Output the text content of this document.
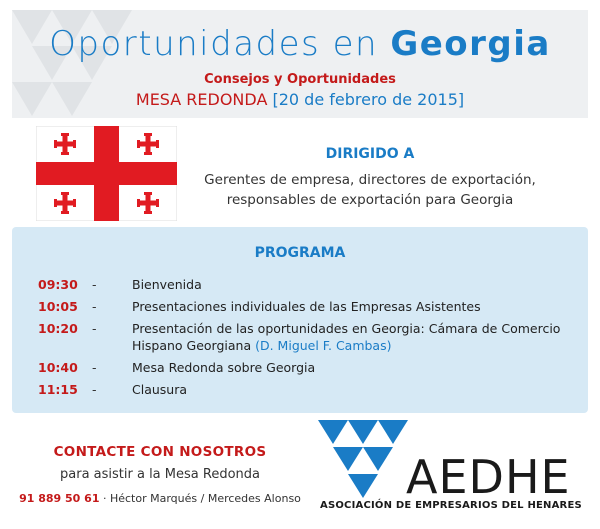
Oportunidades en Georgia
Consejos y Oportunidades
MESA REDONDA [20 de febrero de 2015]
DIRIGIDO A
Gerentes de empresa, directores de exportación,
responsables de exportación para Georgia
PROGRAMA
09:30 -	Bienvenida
10:05 -	Presentaciones individuales de las Empresas Asistentes
10:20 -	Presentación de las oportunidades en Georgia: Cámara de Comercio
Hispano Georgiana (D. Miguel F. Cambas)
10:40 -	Mesa Redonda sobre Georgia
11:15 -	Clausura
CONTACTE CON NOSOTROS
para asistir a la Mesa Redonda
91 889 50 61 · Héctor Marqués / Mercedes Alonso	AEDHE
ASOCIACIÓN DE EMPRESARIOS DEL HENARES
